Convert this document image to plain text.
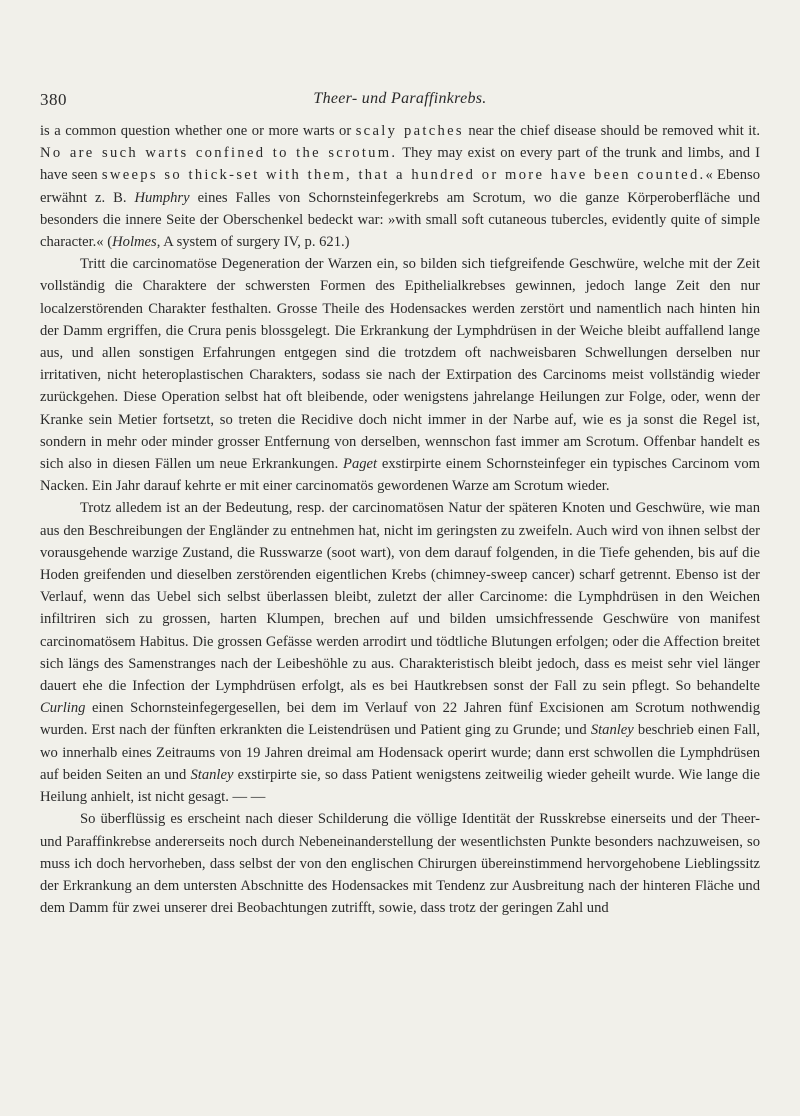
380	Theer- und Paraffinkrebs.

is a common question whether one or more warts or scaly patches near the chief disease should be removed whit it. No are such warts confined to the scrotum. They may exist on every part of the trunk and limbs, and I have seen sweeps so thick-set with them, that a hundred or more have been counted.« Ebenso erwähnt z. B. Humphry eines Falles von Schornsteinfegerkrebs am Scrotum, wo die ganze Körperoberfläche und besonders die innere Seite der Oberschenkel bedeckt war: »with small soft cutaneous tubercles, evidently quite of simple character.« (Holmes, A system of surgery IV, p. 621.)

Tritt die carcinomatöse Degeneration der Warzen ein, so bilden sich tiefgreifende Geschwüre, welche mit der Zeit vollständig die Charaktere der schwersten Formen des Epithelialkrebses gewinnen, jedoch lange Zeit den nur localzerstörenden Charakter festhalten. Grosse Theile des Hodensackes werden zerstört und namentlich nach hinten hin der Damm ergriffen, die Crura penis blossgelegt. Die Erkrankung der Lymphdrüsen in der Weiche bleibt auffallend lange aus, und allen sonstigen Erfahrungen entgegen sind die trotzdem oft nachweisbaren Schwellungen derselben nur irritativen, nicht heteroplastischen Charakters, sodass sie nach der Extirpation des Carcinoms meist vollständig wieder zurückgehen. Diese Operation selbst hat oft bleibende, oder wenigstens jahrelange Heilungen zur Folge, oder, wenn der Kranke sein Metier fortsetzt, so treten die Recidive doch nicht immer in der Narbe auf, wie es ja sonst die Regel ist, sondern in mehr oder minder grosser Entfernung von derselben, wennschon fast immer am Scrotum. Offenbar handelt es sich also in diesen Fällen um neue Erkrankungen. Paget exstirpirte einem Schornsteinfeger ein typisches Carcinom vom Nacken. Ein Jahr darauf kehrte er mit einer carcinomatös gewordenen Warze am Scrotum wieder.

Trotz alledem ist an der Bedeutung, resp. der carcinomatösen Natur der späteren Knoten und Geschwüre, wie man aus den Beschreibungen der Engländer zu entnehmen hat, nicht im geringsten zu zweifeln. Auch wird von ihnen selbst der vorausgehende warzige Zustand, die Russwarze (soot wart), von dem darauf folgenden, in die Tiefe gehenden, bis auf die Hoden greifenden und dieselben zerstörenden eigentlichen Krebs (chimney-sweep cancer) scharf getrennt. Ebenso ist der Verlauf, wenn das Uebel sich selbst überlassen bleibt, zuletzt der aller Carcinome: die Lymphdrüsen in den Weichen infiltriren sich zu grossen, harten Klumpen, brechen auf und bilden umsichfressende Geschwüre von manifest carcinomatösem Habitus. Die grossen Gefässe werden arrodirt und tödtliche Blutungen erfolgen; oder die Affection breitet sich längs des Samenstranges nach der Leibeshöhle zu aus. Charakteristisch bleibt jedoch, dass es meist sehr viel länger dauert ehe die Infection der Lymphdrüsen erfolgt, als es bei Hautkrebsen sonst der Fall zu sein pflegt. So behandelte Curling einen Schornsteinfegergesellen, bei dem im Verlauf von 22 Jahren fünf Excisionen am Scrotum nothwendig wurden. Erst nach der fünften erkrankten die Leistendrüsen und Patient ging zu Grunde; und Stanley beschrieb einen Fall, wo innerhalb eines Zeitraums von 19 Jahren dreimal am Hodensack operirt wurde; dann erst schwollen die Lymphdrüsen auf beiden Seiten an und Stanley exstirpirte sie, so dass Patient wenigstens zeitweilig wieder geheilt wurde. Wie lange die Heilung anhielt, ist nicht gesagt. — —

So überflüssig es erscheint nach dieser Schilderung die völlige Identität der Russkrebse einerseits und der Theer- und Paraffinkrebse andererseits noch durch Nebeneinanderstellung der wesentlichsten Punkte besonders nachzuweisen, so muss ich doch hervorheben, dass selbst der von den englischen Chirurgen übereinstimmend hervorgehobene Lieblingssitz der Erkrankung an dem untersten Abschnitte des Hodensackes mit Tendenz zur Ausbreitung nach der hinteren Fläche und dem Damm für zwei unserer drei Beobachtungen zutrifft, sowie, dass trotz der geringen Zahl und
